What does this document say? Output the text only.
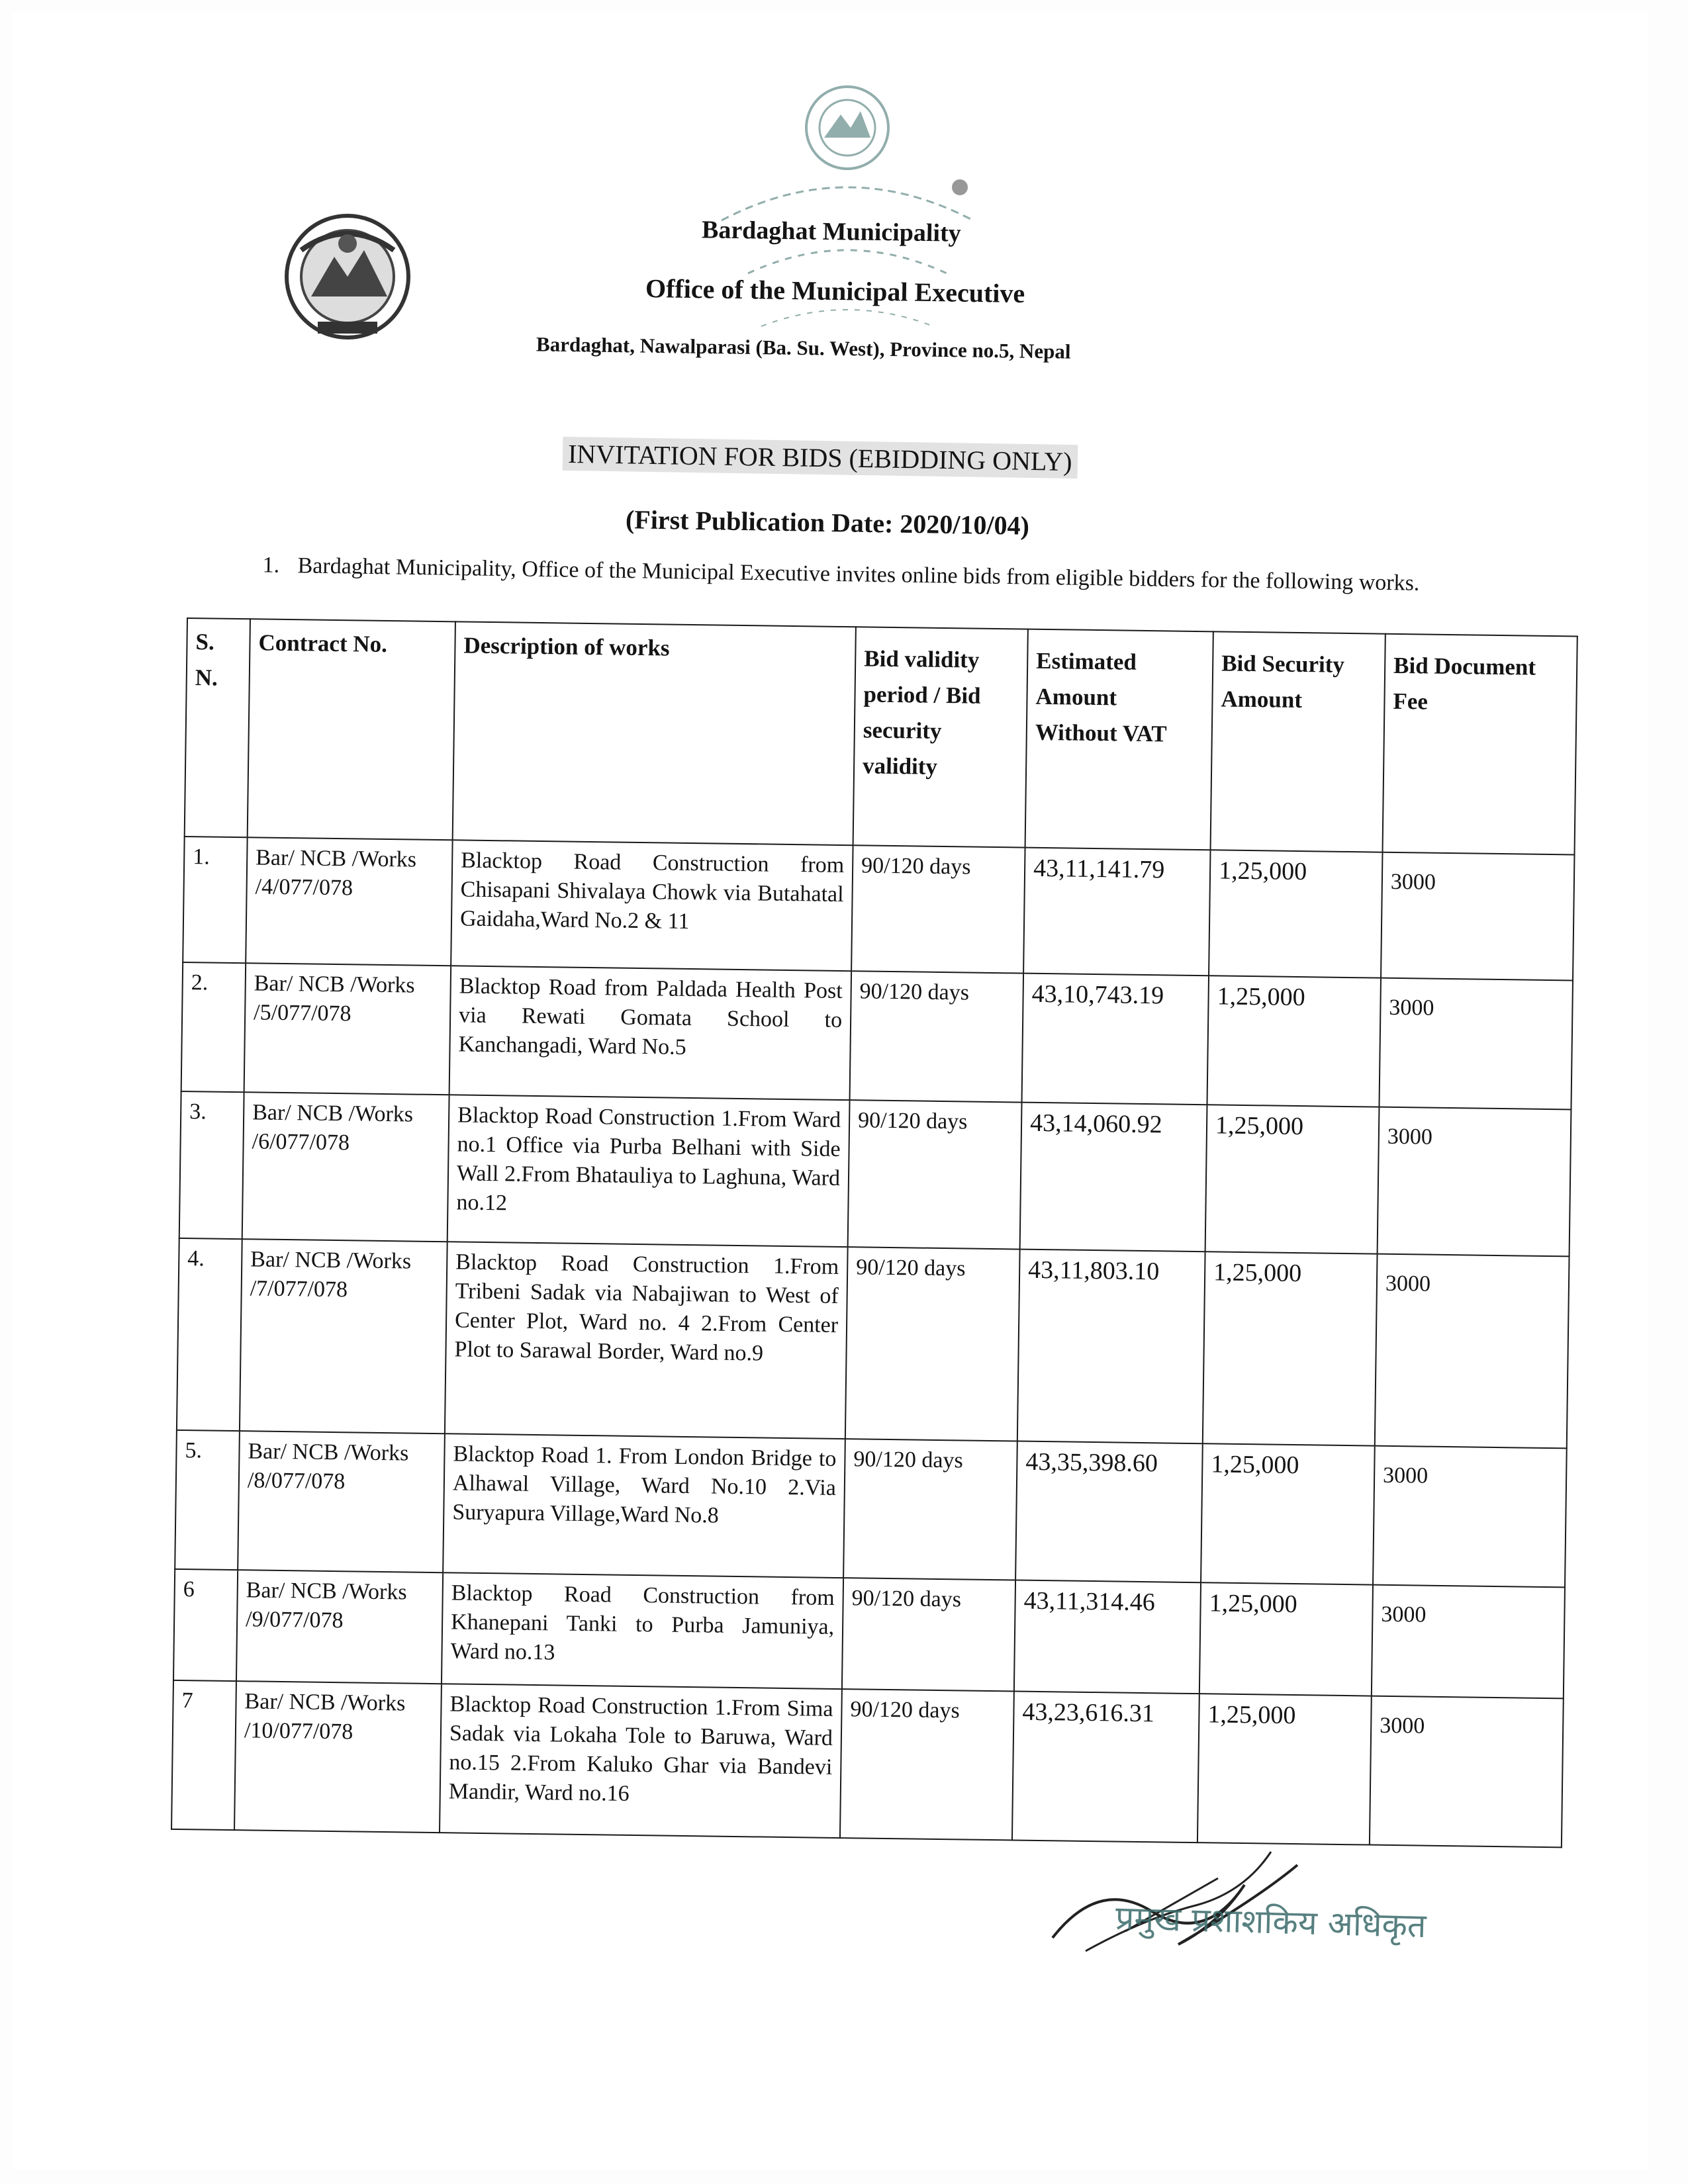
Bardaghat Municipality
Office of the Municipal Executive
Bardaghat, Nawalparasi (Ba. Su. West), Province no.5, Nepal
INVITATION FOR BIDS (EBIDDING ONLY)
(First Publication Date: 2020/10/04)
1. Bardaghat Municipality, Office of the Municipal Executive invites online bids from eligible bidders for the following works.
S. N.	Contract No.	Description of works	Bid validity period / Bid security validity	Estimated Amount Without VAT	Bid Security Amount	Bid Document Fee
1.	Bar/ NCB /Works /4/077/078	Blacktop Road Construction from Chisapani Shivalaya Chowk via Butahatal Gaidaha,Ward No.2 & 11	90/120 days	43,11,141.79	1,25,000	3000
2.	Bar/ NCB /Works /5/077/078	Blacktop Road from Paldada Health Post via Rewati Gomata School to Kanchangadi, Ward No.5	90/120 days	43,10,743.19	1,25,000	3000
3.	Bar/ NCB /Works /6/077/078	Blacktop Road Construction 1.From Ward no.1 Office via Purba Belhani with Side Wall 2.From Bhatauliya to Laghuna, Ward no.12	90/120 days	43,14,060.92	1,25,000	3000
4.	Bar/ NCB /Works /7/077/078	Blacktop Road Construction 1.From Tribeni Sadak via Nabajiwan to West of Center Plot, Ward no. 4 2.From Center Plot to Sarawal Border, Ward no.9	90/120 days	43,11,803.10	1,25,000	3000
5.	Bar/ NCB /Works /8/077/078	Blacktop Road 1. From London Bridge to Alhawal Village, Ward No.10 2.Via Suryapura Village,Ward No.8	90/120 days	43,35,398.60	1,25,000	3000
6	Bar/ NCB /Works /9/077/078	Blacktop Road Construction from Khanepani Tanki to Purba Jamuniya, Ward no.13	90/120 days	43,11,314.46	1,25,000	3000
7	Bar/ NCB /Works /10/077/078	Blacktop Road Construction 1.From Sima Sadak via Lokaha Tole to Baruwa, Ward no.15 2.From Kaluko Ghar via Bandevi Mandir, Ward no.16	90/120 days	43,23,616.31	1,25,000	3000
प्रमुख प्रशाशकिय अधिकृत
